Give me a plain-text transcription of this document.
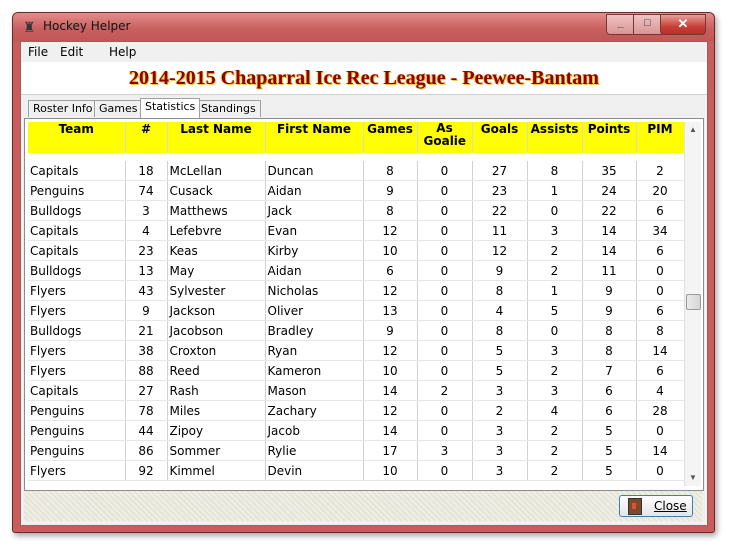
♜ Hockey Helper	_	□	✕
File Edit Help
2014-2015 Chaparral Ice Rec League - Peewee-Bantam
Roster Info Games Statistics Standings
Team	#	Last Name	First Name	Games	As Goalie	Goals	Assists	Points	PIM

Capitals	18	McLellan	Duncan	8	0	27	8	35	2
Penguins	74	Cusack	Aidan	9	0	23	1	24	20
Bulldogs	3	Matthews	Jack	8	0	22	0	22	6
Capitals	4	Lefebvre	Evan	12	0	11	3	14	34
Capitals	23	Keas	Kirby	10	0	12	2	14	6
Bulldogs	13	May	Aidan	6	0	9	2	11	0
Flyers	43	Sylvester	Nicholas	12	0	8	1	9	0
Flyers	9	Jackson	Oliver	13	0	4	5	9	6
Bulldogs	21	Jacobson	Bradley	9	0	8	0	8	8
Flyers	38	Croxton	Ryan	12	0	5	3	8	14
Flyers	88	Reed	Kameron	10	0	5	2	7	6
Capitals	27	Rash	Mason	14	2	3	3	6	4
Penguins	78	Miles	Zachary	12	0	2	4	6	28
Penguins	44	Zipoy	Jacob	14	0	3	2	5	0
Penguins	86	Sommer	Rylie	17	3	3	2	5	14
Flyers	92	Kimmel	Devin	10	0	3	2	5	0
▲
▼
Close
